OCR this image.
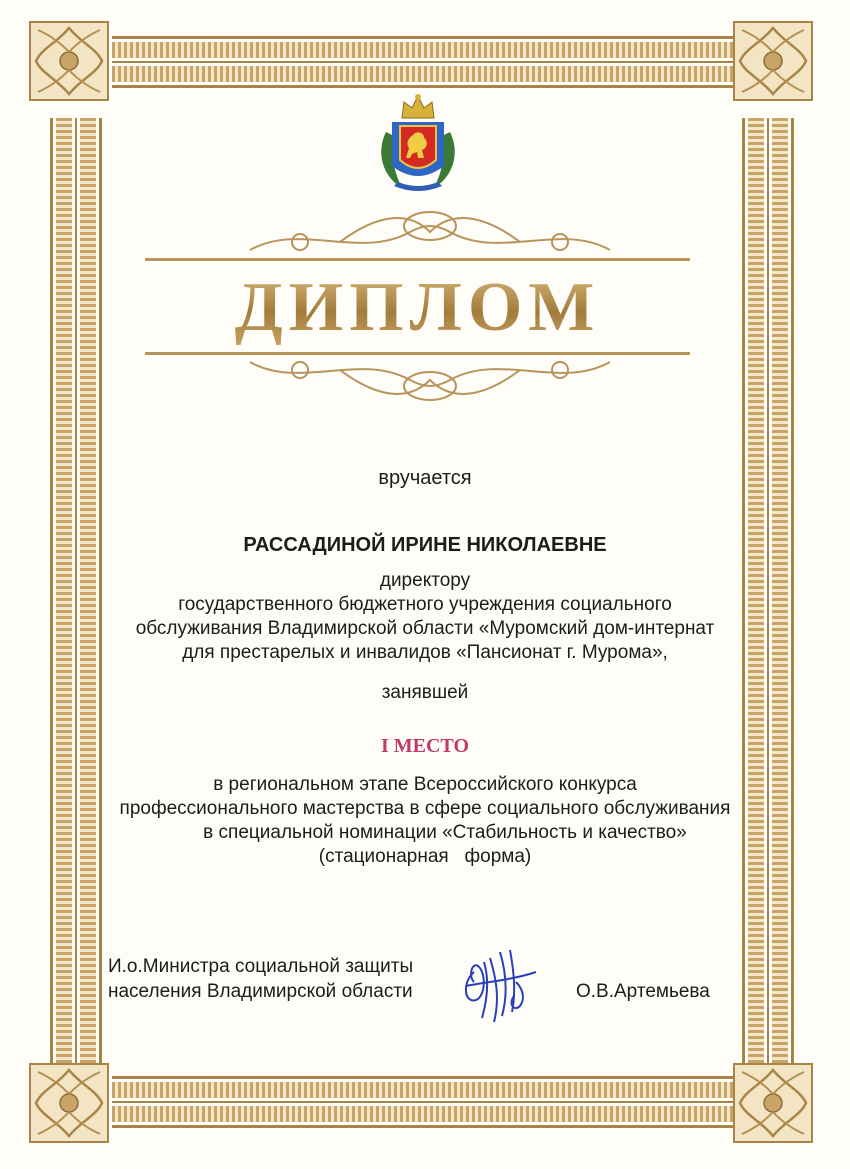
ДИПЛОМ
вручается
РАССАДИНОЙ ИРИНЕ НИКОЛАЕВНЕ
директору
государственного бюджетного учреждения социального
обслуживания Владимирской области «Муромский дом-интернат
для престарелых и инвалидов «Пансионат г. Мурома»,
занявшей
I МЕСТО
в региональном этапе Всероссийского конкурса
профессионального мастерства в сфере социального обслуживания
в специальной номинации «Стабильность и качество»
(стационарная   форма)
И.о.Министра социальной защиты
населения Владимирской области	О.В.Артемьева
